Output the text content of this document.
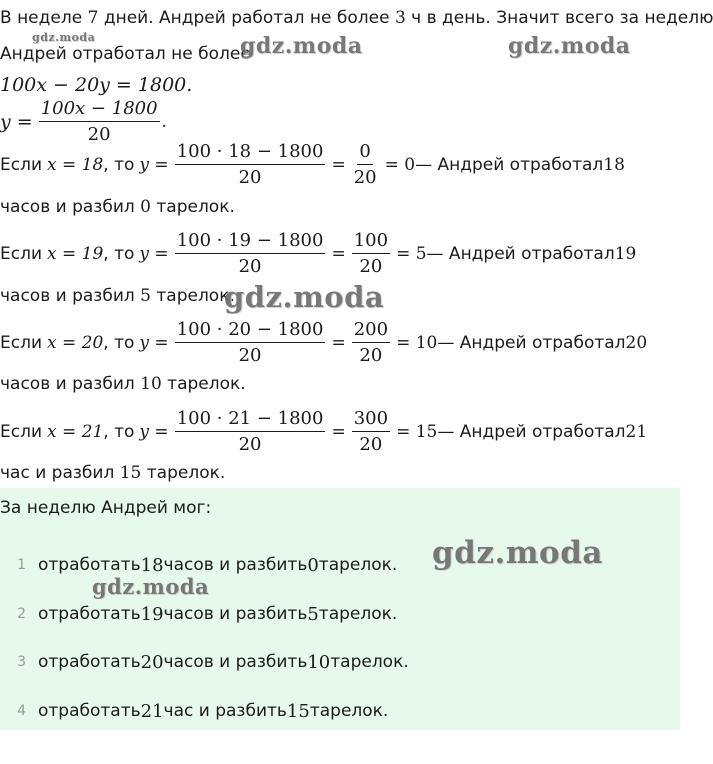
В неделе 7 дней. Андрей работал не более 3 ч в день. Значит всего за неделю
Андрей отработал не более
100x − 20y = 1800.
$y = \frac{100x - 1800}{20}$ .
Если x = 18 , то $y = \frac{100 \cdot 18 - 1800}{20} = \frac{0}{20} = 0$ — Андрей отработал 18
часов и разбил 0 тарелок.
Если x = 19 , то $y = \frac{100 \cdot 19 - 1800}{20} = \frac{100}{20} = 5$ — Андрей отработал 19
часов и разбил 5 тарелок.
Если x = 20 , то $y = \frac{100 \cdot 20 - 1800}{20} = \frac{200}{20} = 10$ — Андрей отработал 20
часов и разбил 10 тарелок.
Если x = 21 , то $y = \frac{100 \cdot 21 - 1800}{20} = \frac{300}{20} = 15$ — Андрей отработал 21
час и разбил 15 тарелок.
За неделю Андрей мог:
1 отработать 18 часов и разбить 0 тарелок.
2 отработать 19 часов и разбить 5 тарелок.
3 отработать 20 часов и разбить 10 тарелок.
4 отработать 21 час и разбить 15 тарелок.
gdz.moda	gdz.moda	gdz.moda
gdz.moda
gdz.moda
gdz.moda
